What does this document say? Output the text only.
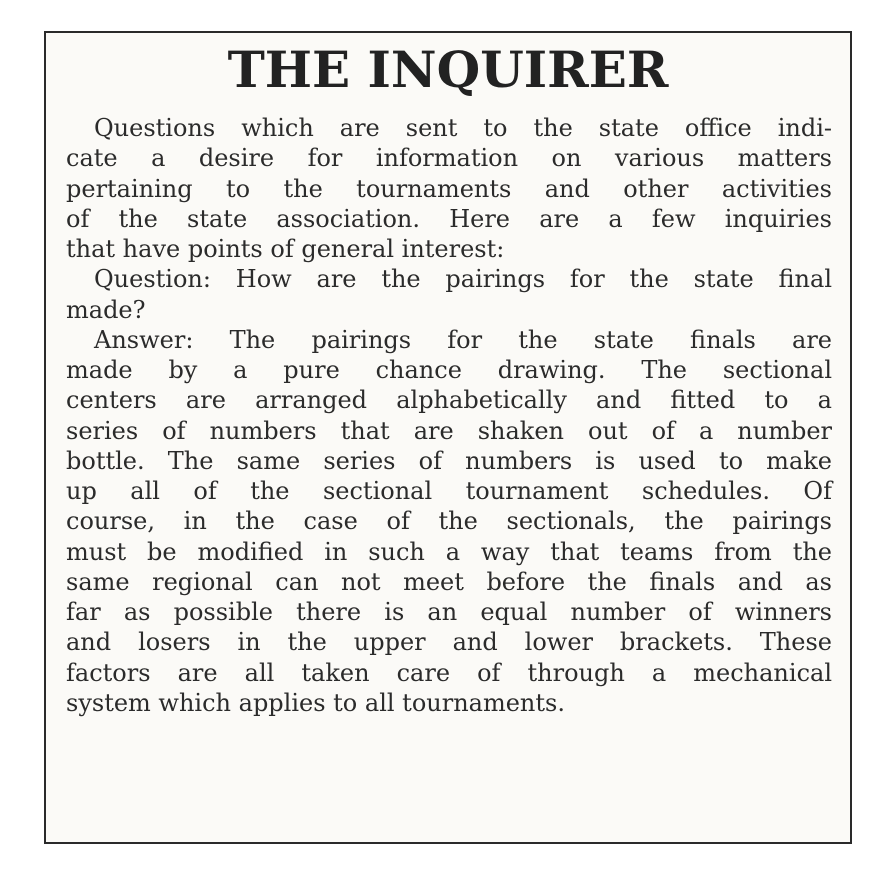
THE INQUIRER
Questions which are sent to the state office indi-
cate a desire for information on various matters
pertaining to the tournaments and other activities
of the state association. Here are a few inquiries
that have points of general interest:
Question: How are the pairings for the state final
made?
Answer: The pairings for the state finals are
made by a pure chance drawing. The sectional
centers are arranged alphabetically and fitted to a
series of numbers that are shaken out of a number
bottle. The same series of numbers is used to make
up all of the sectional tournament schedules. Of
course, in the case of the sectionals, the pairings
must be modified in such a way that teams from the
same regional can not meet before the finals and as
far as possible there is an equal number of winners
and losers in the upper and lower brackets. These
factors are all taken care of through a mechanical
system which applies to all tournaments.
